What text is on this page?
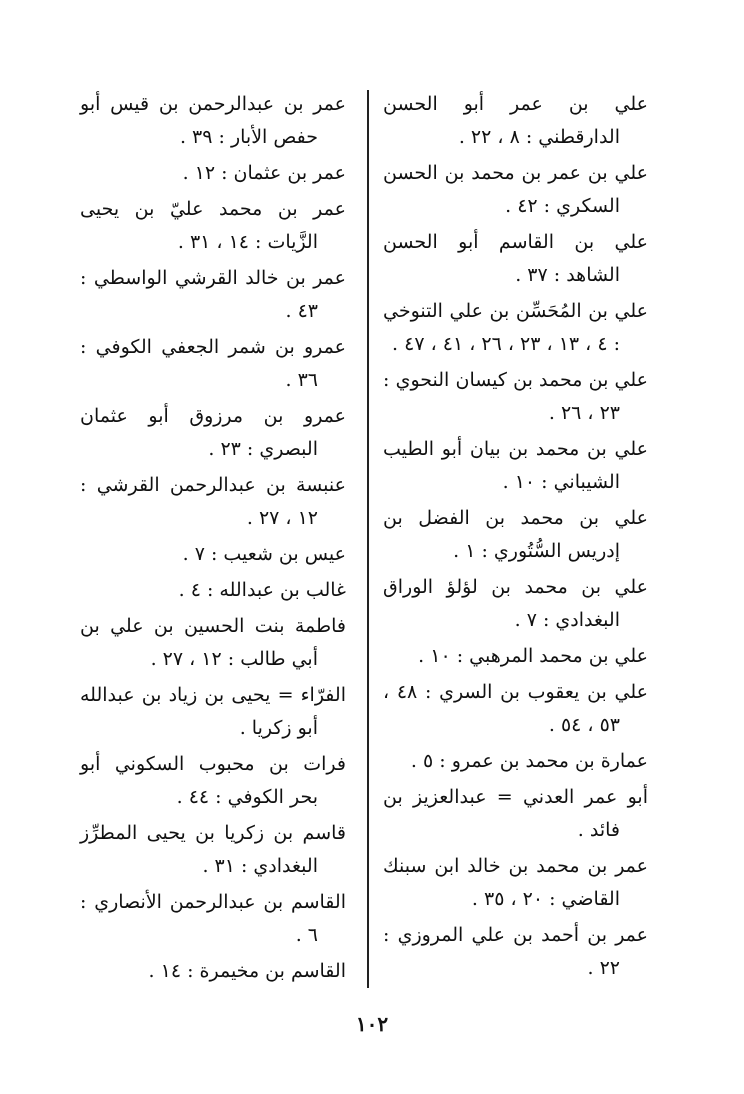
علي بن عمر أبو الحسن الدارقطني : ٨ ، ٢٢ .

علي بن عمر بن محمد بن الحسن السكري : ٤٢ .

علي بن القاسم أبو الحسن الشاهد : ٣٧ .

علي بن المُحَسِّن بن علي التنوخي : ٤ ، ١٣ ، ٢٣ ، ٢٦ ، ٤١ ، ٤٧ .

علي بن محمد بن كيسان النحوي : ٢٣ ، ٢٦ .

علي بن محمد بن بيان أبو الطيب الشيباني : ١٠ .

علي بن محمد بن الفضل بن إدريس السُّتُوري : ١ .

علي بن محمد بن لؤلؤ الوراق البغدادي : ٧ .

علي بن محمد المرهبي : ١٠ .

علي بن يعقوب بن السري : ٤٨ ، ٥٣ ، ٥٤ .

عمارة بن محمد بن عمرو : ٥ .

أبو عمر العدني = عبدالعزيز بن فائد .

عمر بن محمد بن خالد ابن سبنك القاضي : ٢٠ ، ٣٥ .

عمر بن أحمد بن علي المروزي : ٢٢ .

عمر بن عبدالرحمن بن قيس أبو حفص الأبار : ٣٩ .

عمر بن عثمان : ١٢ .

عمر بن محمد عليّ بن يحيى الزَّيات : ١٤ ، ٣١ .

عمر بن خالد القرشي الواسطي : ٤٣ .

عمرو بن شمر الجعفي الكوفي : ٣٦ .

عمرو بن مرزوق أبو عثمان البصري : ٢٣ .

عنبسة بن عبدالرحمن القرشي : ١٢ ، ٢٧ .

عيس بن شعيب : ٧ .

غالب بن عبدالله : ٤ .

فاطمة بنت الحسين بن علي بن أبي طالب : ١٢ ، ٢٧ .

الفرّاء = يحيى بن زياد بن عبدالله أبو زكريا .

فرات بن محبوب السكوني أبو بحر الكوفي : ٤٤ .

قاسم بن زكريا بن يحيى المطرِّز البغدادي : ٣١ .

القاسم بن عبدالرحمن الأنصاري : ٦ .

القاسم بن مخيمرة : ١٤ .

١٠٢
